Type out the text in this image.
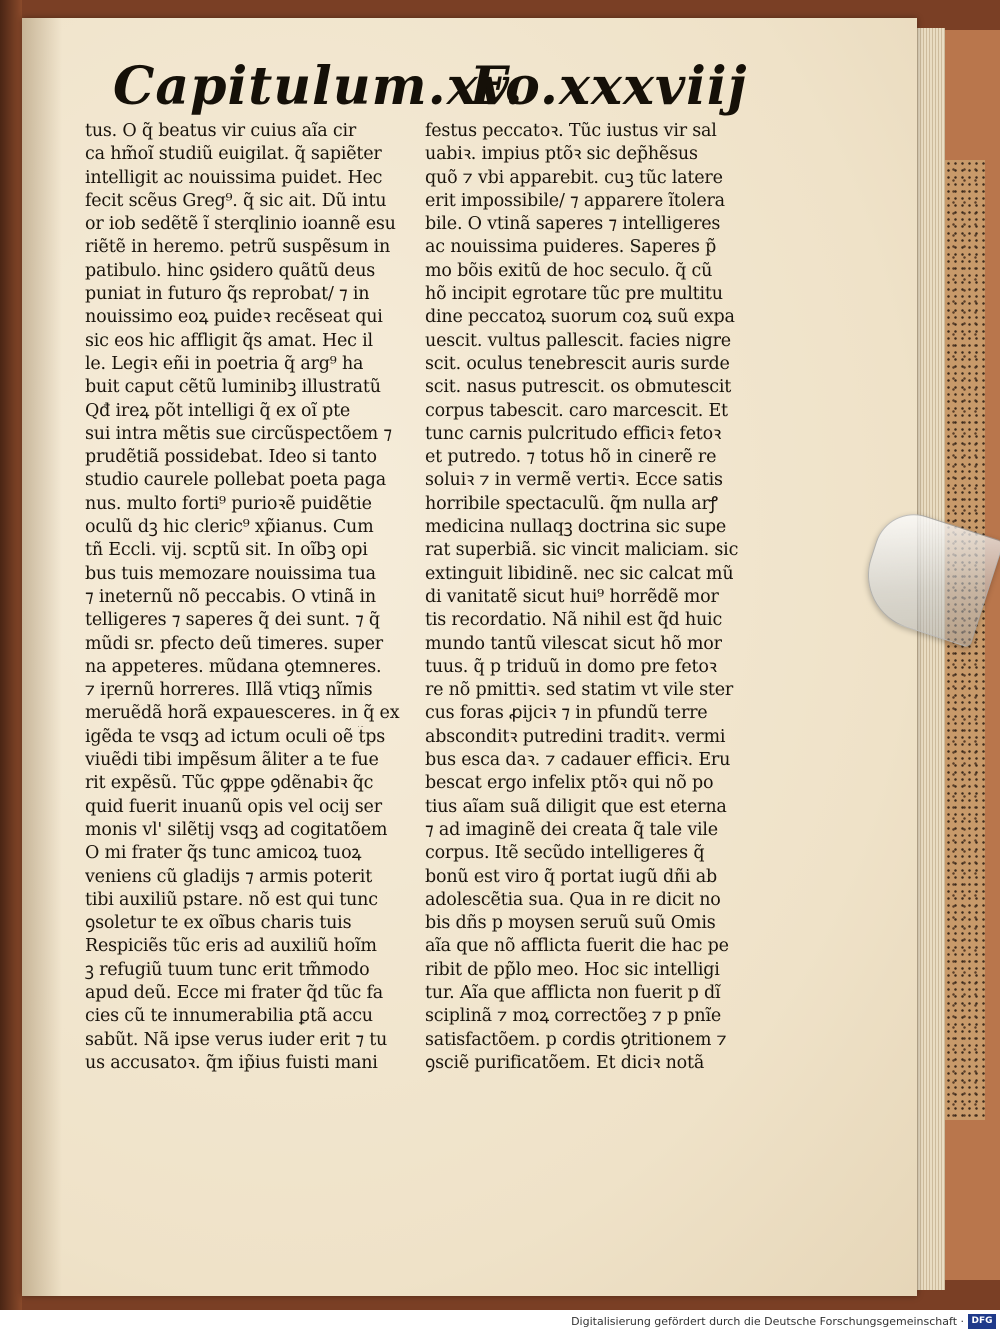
Capitulum.xv.
Fo.xxxviij
tus. O q̃ beatus vir cuius aĩa cir
ca hm̃oĩ studiũ euigilat. q̃ sapiẽter
intelligit ac nouissima puidet. Hec
fecit scẽus Greg⁹. q̃ sic ait. Dũ intu
or iob sedẽtẽ ĩ sterqlinio ioannẽ esu
riẽtẽ in heremo. petrũ suspẽsum in
patibulo. hinc ꝯsidero quãtũ deus
puniat in futuro q̃s reprobat/ ⁊ in
nouissimo eoꝝ puideꝛ recẽseat qui
sic eos hic affligit q̃s amat. Hec il
le. Legiꝛ eñi in poetria q̃ arg⁹ ha
buit caput cẽtũ luminibꝫ illustratũ
Qđ ireꝝ põt intelligi q̃ ex oĩ pte
sui intra mẽtis sue circũspectõem ⁊
prudẽtiã possidebat. Ideo si tanto
studio caurele pollebat poeta paga
nus. multo forti⁹ purioꝛẽ puidẽtie
oculũ dꝫ hic cleric⁹ xp̃ianus. Cum
tñ Eccli. vij. scptũ sit. In oĩbꝫ opi
bus tuis memozare nouissima tua
⁊ ineternũ nõ peccabis. O vtinã in
telligeres ⁊ saperes q̃ dei sunt. ⁊ q̃
mũdi sr. pfecto deũ timeres. super
na appeteres. mũdana ꝯtemneres.
⁊ iꝼernũ horreres. Illã vtiqꝫ nĩmis
meruẽdã horã expauesceres. in q̃ ex
igẽda te vsqꝫ ad ictum oculi oẽ t̃ps
viuẽdi tibi impẽsum ãliter a te fue
rit expẽsũ. Tũc ꝙppe ꝯdẽnabiꝛ q̃c
quid fuerit inuanũ opis vel ocij ser
monis vl' silẽtij vsqꝫ ad cogitatõem
O mi frater q̃s tunc amicoꝝ tuoꝝ
veniens cũ gladijs ⁊ armis poterit
tibi auxiliũ pstare. nõ est qui tunc
ꝯsoletur te ex oĩbus charis tuis
Respiciẽs tũc eris ad auxiliũ hoĩm
ꝫ refugiũ tuum tunc erit tm̃modo
apud deũ. Ecce mi frater q̃d tũc fa
cies cũ te innumerabilia ꝑtã accu
sabũt. Nã ipse verus iuder erit ⁊ tu
us accusatoꝛ. q̃m ip̃ius fuisti mani
festus peccatoꝛ. Tũc iustus vir sal
uabiꝛ. impius ptõꝛ sic dep̃hẽsus
quõ ⁊ vbi apparebit. cuꝫ tũc latere
erit impossibile/ ⁊ apparere ĩtolera
bile. O vtinã saperes ⁊ intelligeres
ac nouissima puideres. Saperes p̃
mo bõis exitũ de hoc seculo. q̃ cũ
hõ incipit egrotare tũc pre multitu
dine peccatoꝝ suorum coꝝ suũ expa
uescit. vultus pallescit. facies nigre
scit. oculus tenebrescit auris surde
scit. nasus putrescit. os obmutescit
corpus tabescit. caro marcescit. Et
tunc carnis pulcritudo efficiꝛ fetoꝛ
et putredo. ⁊ totus hõ in cinerẽ re
soluiꝛ ⁊ in vermẽ vertiꝛ. Ecce satis
horribile spectaculũ. q̃m nulla arꝭ
medicina nullaqꝫ doctrina sic supe
rat superbiã. sic vincit maliciam. sic
extinguit libidinẽ. nec sic calcat mũ
di vanitatẽ sicut hui⁹ horrẽdẽ mor
tis recordatio. Nã nihil est q̃d huic
mundo tantũ vilescat sicut hõ mor
tuus. q̃ p triduũ in domo pre fetoꝛ
re nõ pmittiꝛ. sed statim vt vile ster
cus foras ꝓijciꝛ ⁊ in pfundũ terre
absconditꝛ putredini traditꝛ. vermi
bus esca daꝛ. ⁊ cadauer efficiꝛ. Eru
bescat ergo infelix ptõꝛ qui nõ po
tius aĩam suã diligit que est eterna
⁊ ad imaginẽ dei creata q̃ tale vile
corpus. Itẽ secũdo intelligeres q̃
bonũ est viro q̃ portat iugũ dñi ab
adolescẽtia sua. Qua in re dicit no
bis dñs p moysen seruũ suũ Omis
aĩa que nõ afflicta fuerit die hac pe
ribit de pp̃lo meo. Hoc sic intelligi
tur. Aĩa que afflicta non fuerit p dĩ
sciplinã ⁊ moꝝ correctõeꝫ ⁊ p pnĩe
satisfactõem. p cordis ꝯtritionem ⁊
ꝯsciẽ purificatõem. Et diciꝛ notã
Digitalisierung gefördert durch die Deutsche Forschungsgemeinschaft · DFG
